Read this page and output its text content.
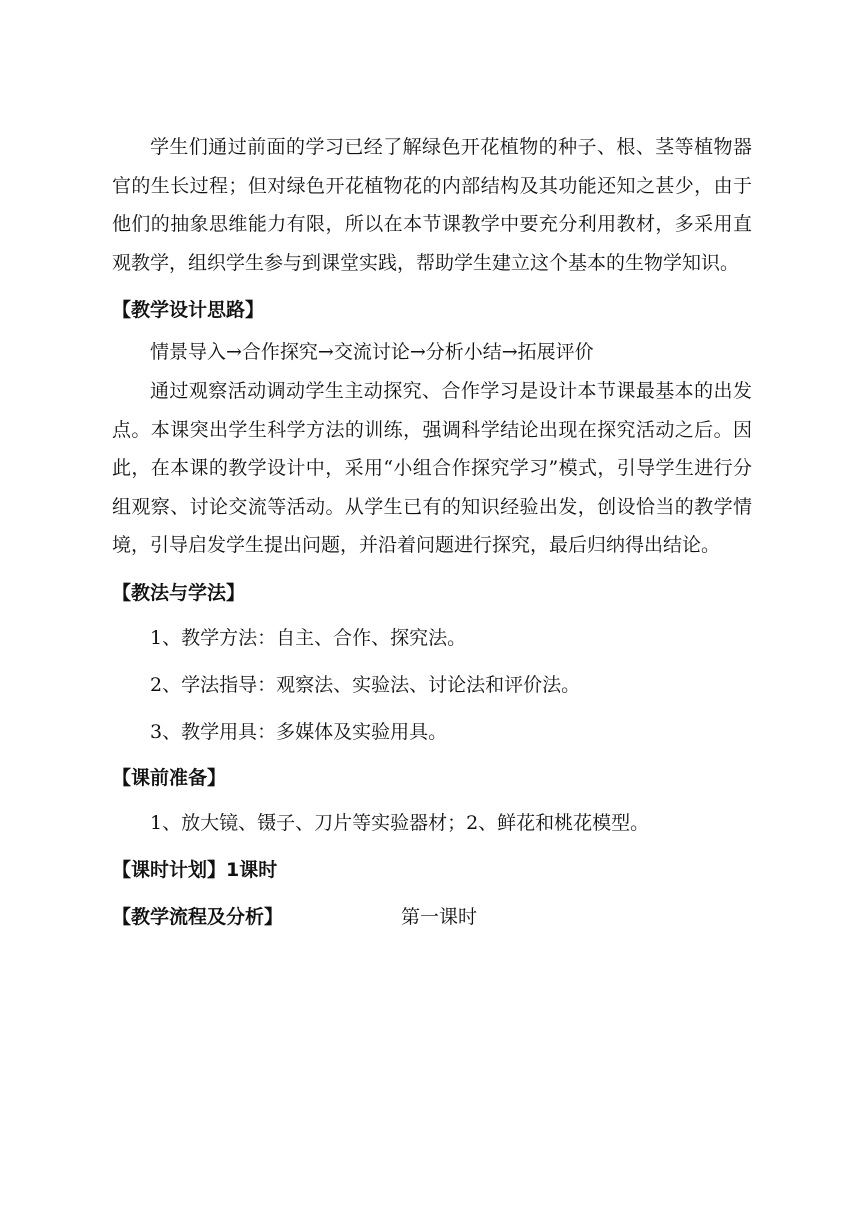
学生们通过前面的学习已经了解绿色开花植物的种子、根、茎等植物器官的生长过程；但对绿色开花植物花的内部结构及其功能还知之甚少，由于他们的抽象思维能力有限，所以在本节课教学中要充分利用教材，多采用直观教学，组织学生参与到课堂实践，帮助学生建立这个基本的生物学知识。

【教学设计思路】

情景导入→合作探究→交流讨论→分析小结→拓展评价

通过观察活动调动学生主动探究、合作学习是设计本节课最基本的出发点。本课突出学生科学方法的训练，强调科学结论出现在探究活动之后。因此，在本课的教学设计中，采用“小组合作探究学习”模式，引导学生进行分组观察、讨论交流等活动。从学生已有的知识经验出发，创设恰当的教学情境，引导启发学生提出问题，并沿着问题进行探究，最后归纳得出结论。

【教法与学法】

1、教学方法：自主、合作、探究法。

2、学法指导：观察法、实验法、讨论法和评价法。

3、教学用具：多媒体及实验用具。

【课前准备】

1、放大镜、镊子、刀片等实验器材；2、鲜花和桃花模型。

【课时计划】 1课时

【教学流程及分析】	第一课时
